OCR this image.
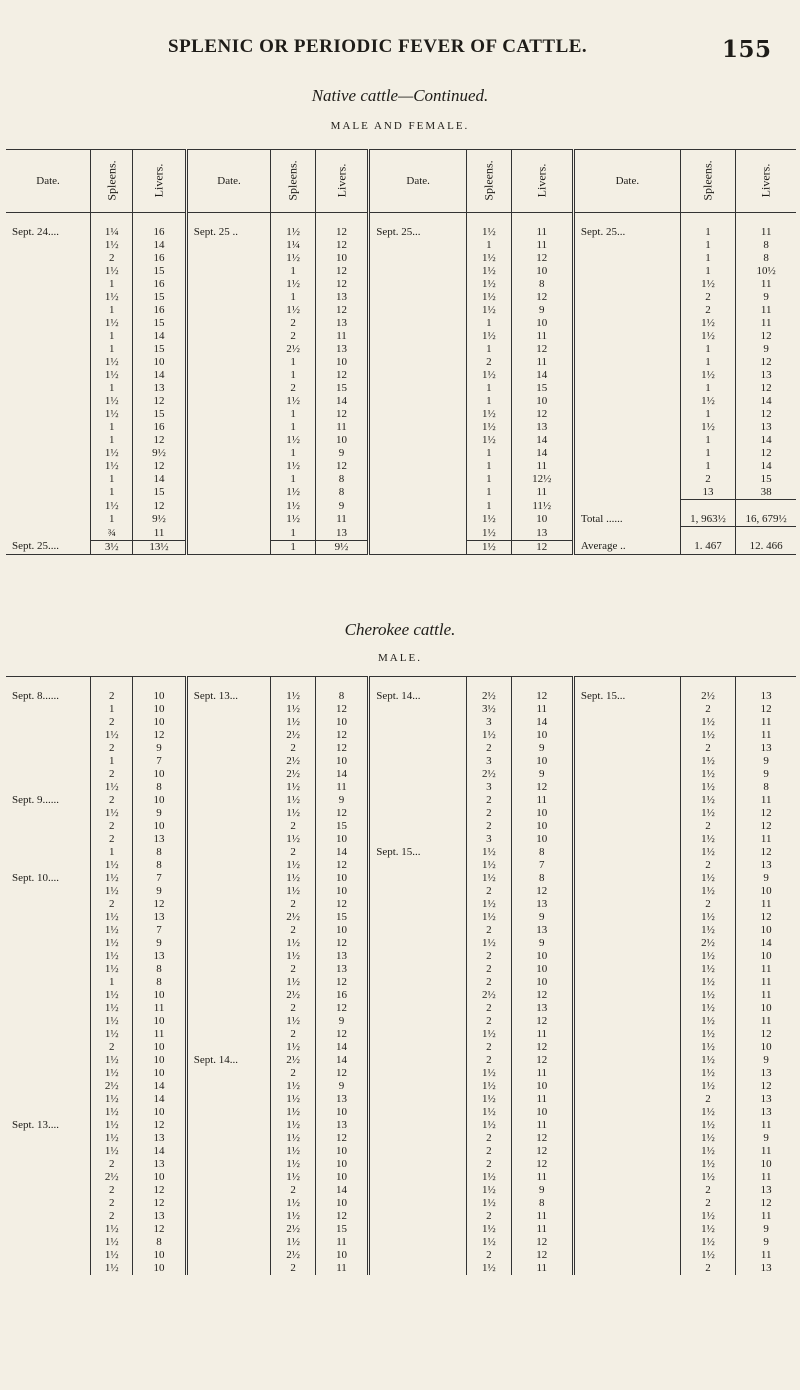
SPLENIC OR PERIODIC FEVER OF CATTLE.	155
Native cattle—Continued.
MALE AND FEMALE.
Date.	Spleens.	Livers.	Date.	Spleens.	Livers.	Date.	Spleens.	Livers.	Date.	Spleens.	Livers.

Sept. 24....	1¼	16	Sept. 25 ..	1½	12	Sept. 25...	1½	11	Sept. 25...	1	11
	1½	14		1¼	12		1	11		1	8
	2	16		1½	10		1½	12		1	8
	1½	15		1	12		1½	10		1	10½
	1	16		1½	12		1½	8		1½	11
	1½	15		1	13		1½	12		2	9
	1	16		1½	12		1½	9		2	11
	1½	15		2	13		1	10		1½	11
	1	14		2	11		1½	11		1½	12
	1	15		2½	13		1	12		1	9
	1½	10		1	10		2	11		1	12
	1½	14		1	12		1½	14		1½	13
	1	13		2	15		1	15		1	12
	1½	12		1½	14		1	10		1½	14
	1½	15		1	12		1½	12		1	12
	1	16		1	11		1½	13		1½	13
	1	12		1½	10		1½	14		1	14
	1½	9½		1	9		1	14		1	12
	1½	12		1½	12		1	11		1	14
	1	14		1	8		1	12½		2	15
	1	15		1½	8		1	11		13	38
	1½	12		1½	9		1	11½			
	1	9½		1½	11		1½	10	Total ......	1, 963½	16, 679½
	¾	11		1	13		1½	13			
Sept. 25....	3½	13½		1	9½		1½	12	Average ..	1. 467	12. 466
Cherokee cattle.
MALE.

Sept. 8......	2	10	Sept. 13...	1½	8	Sept. 14...	2½	12	Sept. 15...	2½	13
	1	10		1½	12		3½	11		2	12
	2	10		1½	10		3	14		1½	11
	1½	12		2½	12		1½	10		1½	11
	2	9		2	12		2	9		2	13
	1	7		2½	10		3	10		1½	9
	2	10		2½	14		2½	9		1½	9
	1½	8		1½	11		3	12		1½	8
Sept. 9......	2	10		1½	9		2	11		1½	11
	1½	9		1½	12		2	10		1½	12
	2	10		2	15		2	10		2	12
	2	13		1½	10		3	10		1½	11
	1	8		2	14	Sept. 15...	1½	8		1½	12
	1½	8		1½	12		1½	7		2	13
Sept. 10....	1½	7		1½	10		1½	8		1½	9
	1½	9		1½	10		2	12		1½	10
	2	12		2	12		1½	13		2	11
	1½	13		2½	15		1½	9		1½	12
	1½	7		2	10		2	13		1½	10
	1½	9		1½	12		1½	9		2½	14
	1½	13		1½	13		2	10		1½	10
	1½	8		2	13		2	10		1½	11
	1	8		1½	12		2	10		1½	11
	1½	10		2½	16		2½	12		1½	11
	1½	11		2	12		2	13		1½	10
	1½	10		1½	9		2	12		1½	11
	1½	11		2	12		1½	11		1½	12
	2	10		1½	14		2	12		1½	10
	1½	10	Sept. 14...	2½	14		2	12		1½	9
	1½	10		2	12		1½	11		1½	13
	2½	14		1½	9		1½	10		1½	12
	1½	14		1½	13		1½	11		2	13
	1½	10		1½	10		1½	10		1½	13
Sept. 13....	1½	12		1½	13		1½	11		1½	11
	1½	13		1½	12		2	12		1½	9
	1½	14		1½	10		2	12		1½	11
	2	13		1½	10		2	12		1½	10
	2½	10		1½	10		1½	11		1½	11
	2	12		2	14		1½	9		2	13
	2	12		1½	10		1½	8		2	12
	2	13		1½	12		2	11		1½	11
	1½	12		2½	15		1½	11		1½	9
	1½	8		1½	11		1½	12		1½	9
	1½	10		2½	10		2	12		1½	11
	1½	10		2	11		1½	11		2	13
